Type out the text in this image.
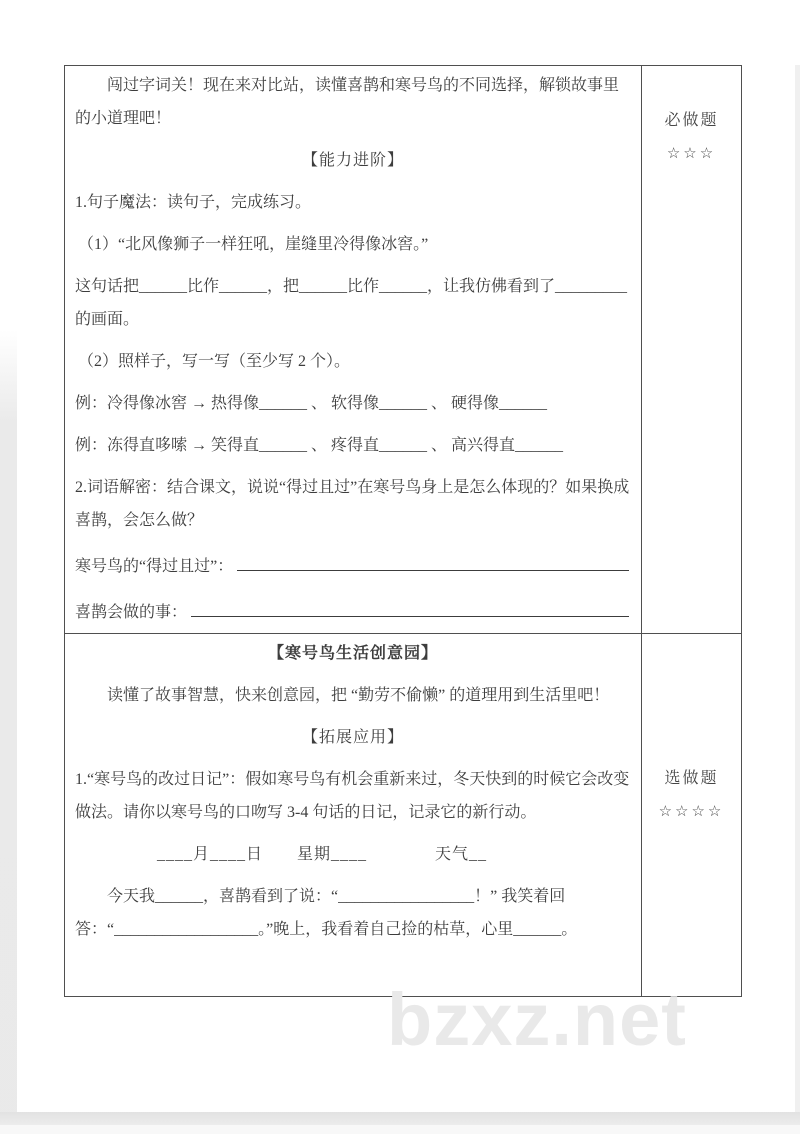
闯过字词关！现在来对比站，读懂喜鹊和寒号鸟的不同选择，解锁故事里的小道理吧！

【能力进阶】

1.句子魔法：读句子，完成练习。

（1）“北风像狮子一样狂吼，崖缝里冷得像冰窖。”

这句话把______比作______，把______比作______，让我仿佛看到了_________的画面。

（2）照样子，写一写（至少写 2 个）。

例：冷得像冰窖 → 热得像______ 、 软得像______ 、 硬得像______

例：冻得直哆嗦 → 笑得直______ 、 疼得直______ 、 高兴得直______

2.词语解密：结合课文，说说“得过且过”在寒号鸟身上是怎么体现的？如果换成喜鹊，会怎么做？

寒号鸟的“得过且过”：

喜鹊会做的事：

必做题
☆☆☆

【寒号鸟生活创意园】

读懂了故事智慧，快来创意园，把 “勤劳不偷懒” 的道理用到生活里吧！

【拓展应用】

1.“寒号鸟的改过日记”：假如寒号鸟有机会重新来过，冬天快到的时候它会改变做法。请你以寒号鸟的口吻写 3-4 句话的日记，记录它的新行动。

____月____日　　星期____　　　　天气__

今天我______，喜鹊看到了说：“_________________！” 我笑着回答：“__________________。”晚上，我看着自己捡的枯草，心里______。

选做题
☆☆☆☆
bzxz.net
